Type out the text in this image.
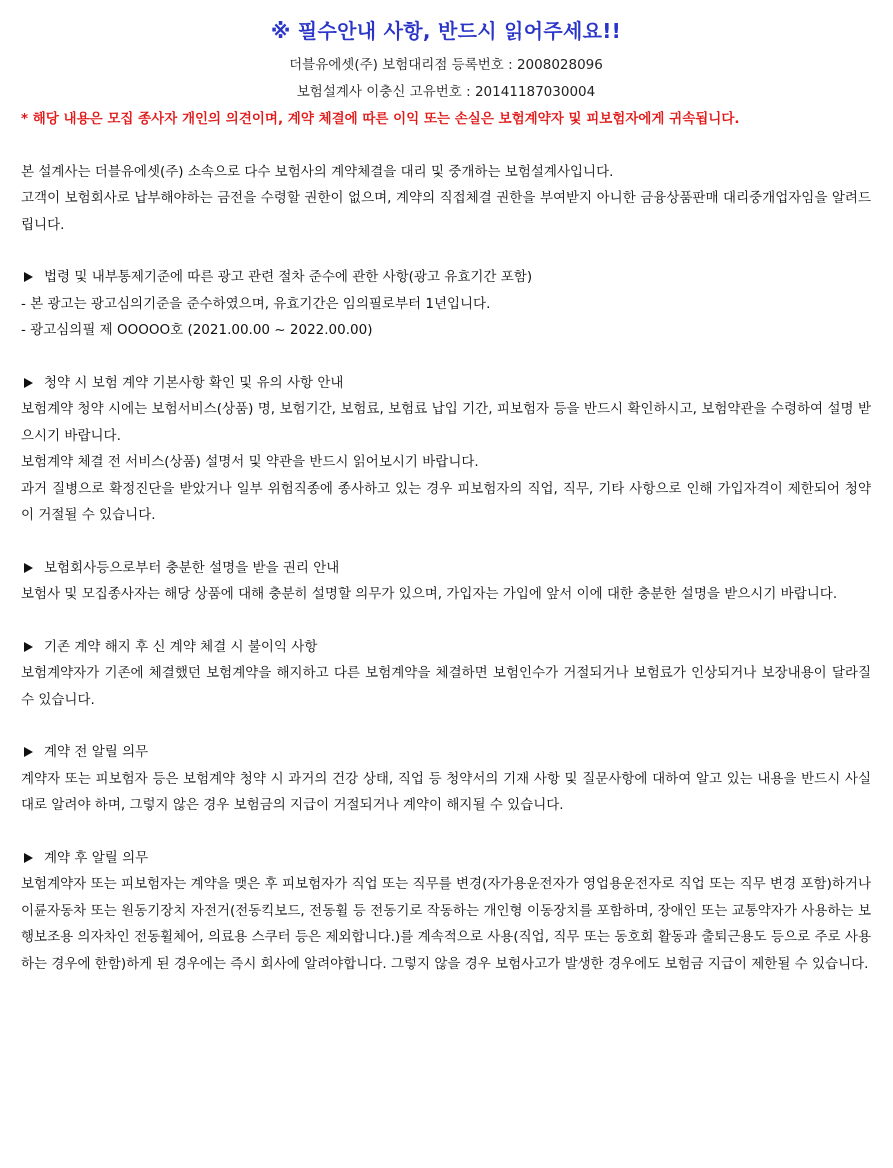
※ 필수안내 사항, 반드시 읽어주세요!!

더블유에셋(주) 보험대리점 등록번호 : 2008028096

보험설계사 이충신 고유번호 : 20141187030004

* 해당 내용은 모집 종사자 개인의 의견이며, 계약 체결에 따른 이익 또는 손실은 보험계약자 및 피보험자에게 귀속됩니다.

본 설계사는 더블유에셋(주) 소속으로 다수 보험사의 계약체결을 대리 및 중개하는 보험설계사입니다.

고객이 보험회사로 납부해야하는 금전을 수령할 권한이 없으며, 계약의 직접체결 권한을 부여받지 아니한 금융상품판매 대리중개업자임을 알려드립니다.

법령 및 내부통제기준에 따른 광고 관련 절차 준수에 관한 사항(광고 유효기간 포함)

- 본 광고는 광고심의기준을 준수하였으며, 유효기간은 임의필로부터 1년입니다.

- 광고심의필 제 OOOOO호 (2021.00.00 ~ 2022.00.00)

청약 시 보험 계약 기본사항 확인 및 유의 사항 안내

보험계약 청약 시에는 보험서비스(상품) 명, 보험기간, 보험료, 보험료 납입 기간, 피보험자 등을 반드시 확인하시고, 보험약관을 수령하여 설명 받으시기 바랍니다.

보험계약 체결 전 서비스(상품) 설명서 및 약관을 반드시 읽어보시기 바랍니다.

과거 질병으로 확정진단을 받았거나 일부 위험직종에 종사하고 있는 경우 피보험자의 직업, 직무, 기타 사항으로 인해 가입자격이 제한되어 청약이 거절될 수 있습니다.

보험회사등으로부터 충분한 설명을 받을 권리 안내

보험사 및 모집종사자는 해당 상품에 대해 충분히 설명할 의무가 있으며, 가입자는 가입에 앞서 이에 대한 충분한 설명을 받으시기 바랍니다.

기존 계약 해지 후 신 계약 체결 시 불이익 사항

보험계약자가 기존에 체결했던 보험계약을 해지하고 다른 보험계약을 체결하면 보험인수가 거절되거나 보험료가 인상되거나 보장내용이 달라질 수 있습니다.

계약 전 알릴 의무

계약자 또는 피보험자 등은 보험계약 청약 시 과거의 건강 상태, 직업 등 청약서의 기재 사항 및 질문사항에 대하여 알고 있는 내용을 반드시 사실대로 알려야 하며, 그렇지 않은 경우 보험금의 지급이 거절되거나 계약이 해지될 수 있습니다.

계약 후 알릴 의무

보험계약자 또는 피보험자는 계약을 맺은 후 피보험자가 직업 또는 직무를 변경(자가용운전자가 영업용운전자로 직업 또는 직무 변경 포함)하거나 이륜자동차 또는 원동기장치 자전거(전동킥보드, 전동휠 등 전동기로 작동하는 개인형 이동장치를 포함하며, 장애인 또는 교통약자가 사용하는 보행보조용 의자차인 전동휠체어, 의료용 스쿠터 등은 제외합니다.)를 계속적으로 사용(직업, 직무 또는 동호회 활동과 출퇴근용도 등으로 주로 사용하는 경우에 한함)하게 된 경우에는 즉시 회사에 알려야합니다. 그렇지 않을 경우 보험사고가 발생한 경우에도 보험금 지급이 제한될 수 있습니다.
